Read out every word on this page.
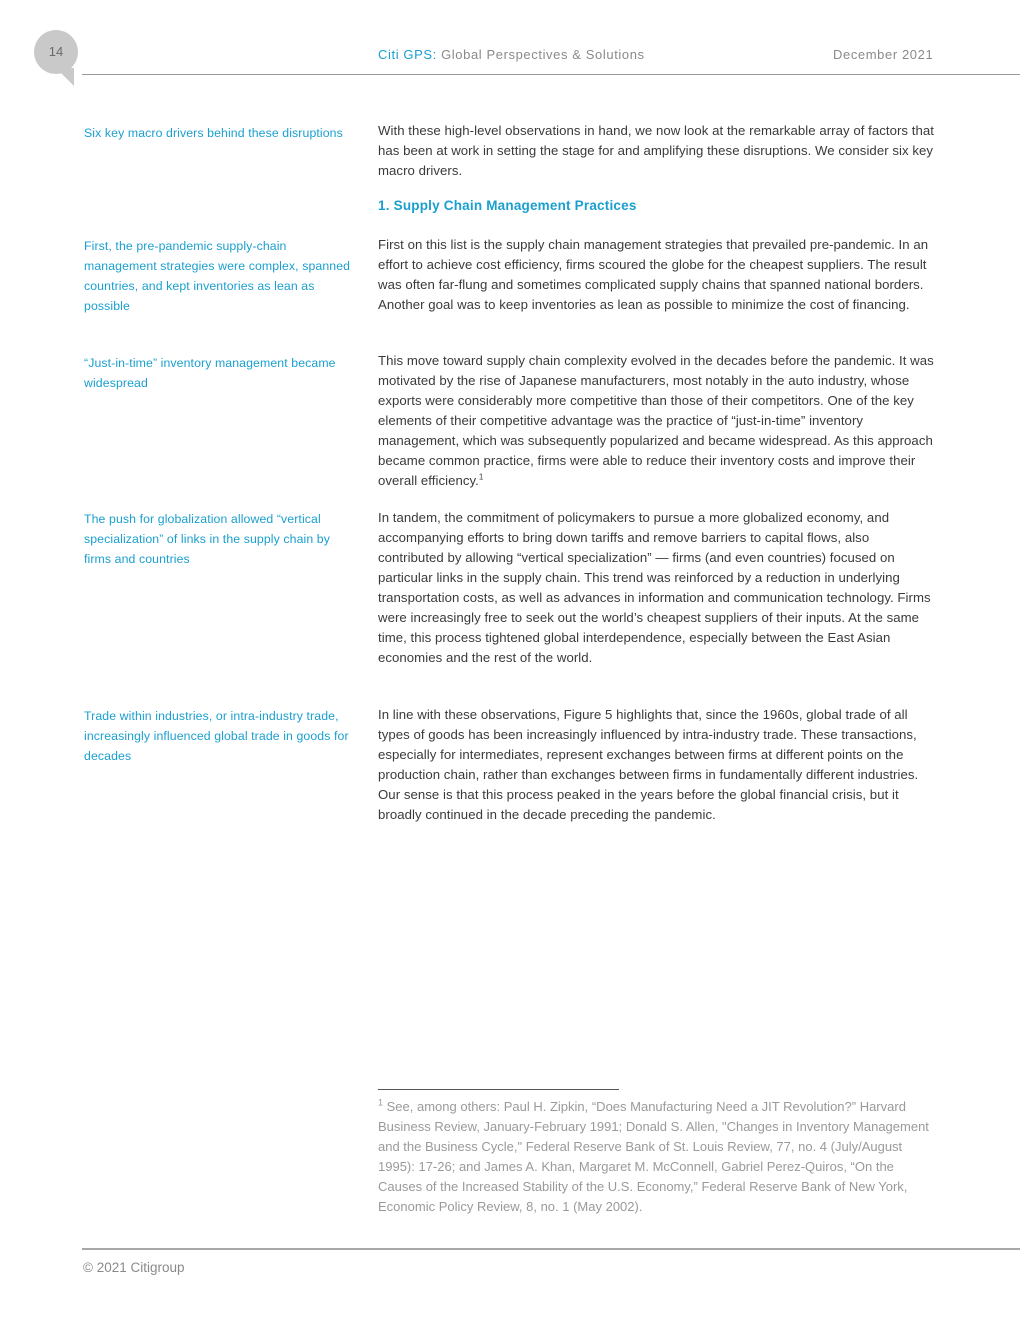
14	Citi GPS: Global Perspectives & Solutions	December 2021
Six key macro drivers behind these disruptions
First, the pre-pandemic supply-chain management strategies were complex, spanned countries, and kept inventories as lean as possible
“Just-in-time” inventory management became widespread
The push for globalization allowed “vertical specialization” of links in the supply chain by firms and countries
Trade within industries, or intra-industry trade, increasingly influenced global trade in goods for decades
With these high-level observations in hand, we now look at the remarkable array of factors that has been at work in setting the stage for and amplifying these disruptions. We consider six key macro drivers.
1. Supply Chain Management Practices
First on this list is the supply chain management strategies that prevailed pre-pandemic. In an effort to achieve cost efficiency, firms scoured the globe for the cheapest suppliers. The result was often far-flung and sometimes complicated supply chains that spanned national borders. Another goal was to keep inventories as lean as possible to minimize the cost of financing.
This move toward supply chain complexity evolved in the decades before the pandemic. It was motivated by the rise of Japanese manufacturers, most notably in the auto industry, whose exports were considerably more competitive than those of their competitors. One of the key elements of their competitive advantage was the practice of “just-in-time” inventory management, which was subsequently popularized and became widespread. As this approach became common practice, firms were able to reduce their inventory costs and improve their overall efficiency.$^1$
In tandem, the commitment of policymakers to pursue a more globalized economy, and accompanying efforts to bring down tariffs and remove barriers to capital flows, also contributed by allowing “vertical specialization” — firms (and even countries) focused on particular links in the supply chain. This trend was reinforced by a reduction in underlying transportation costs, as well as advances in information and communication technology. Firms were increasingly free to seek out the world’s cheapest suppliers of their inputs. At the same time, this process tightened global interdependence, especially between the East Asian economies and the rest of the world.
In line with these observations, Figure 5 highlights that, since the 1960s, global trade of all types of goods has been increasingly influenced by intra-industry trade. These transactions, especially for intermediates, represent exchanges between firms at different points on the production chain, rather than exchanges between firms in fundamentally different industries. Our sense is that this process peaked in the years before the global financial crisis, but it broadly continued in the decade preceding the pandemic.
$^1$ See, among others: Paul H. Zipkin, “Does Manufacturing Need a JIT Revolution?” Harvard Business Review, January-February 1991; Donald S. Allen, "Changes in Inventory Management and the Business Cycle," Federal Reserve Bank of St. Louis Review, 77, no. 4 (July/August 1995): 17-26; and James A. Khan, Margaret M. McConnell, Gabriel Perez-Quiros, “On the Causes of the Increased Stability of the U.S. Economy,” Federal Reserve Bank of New York, Economic Policy Review, 8, no. 1 (May 2002).
© 2021 Citigroup
